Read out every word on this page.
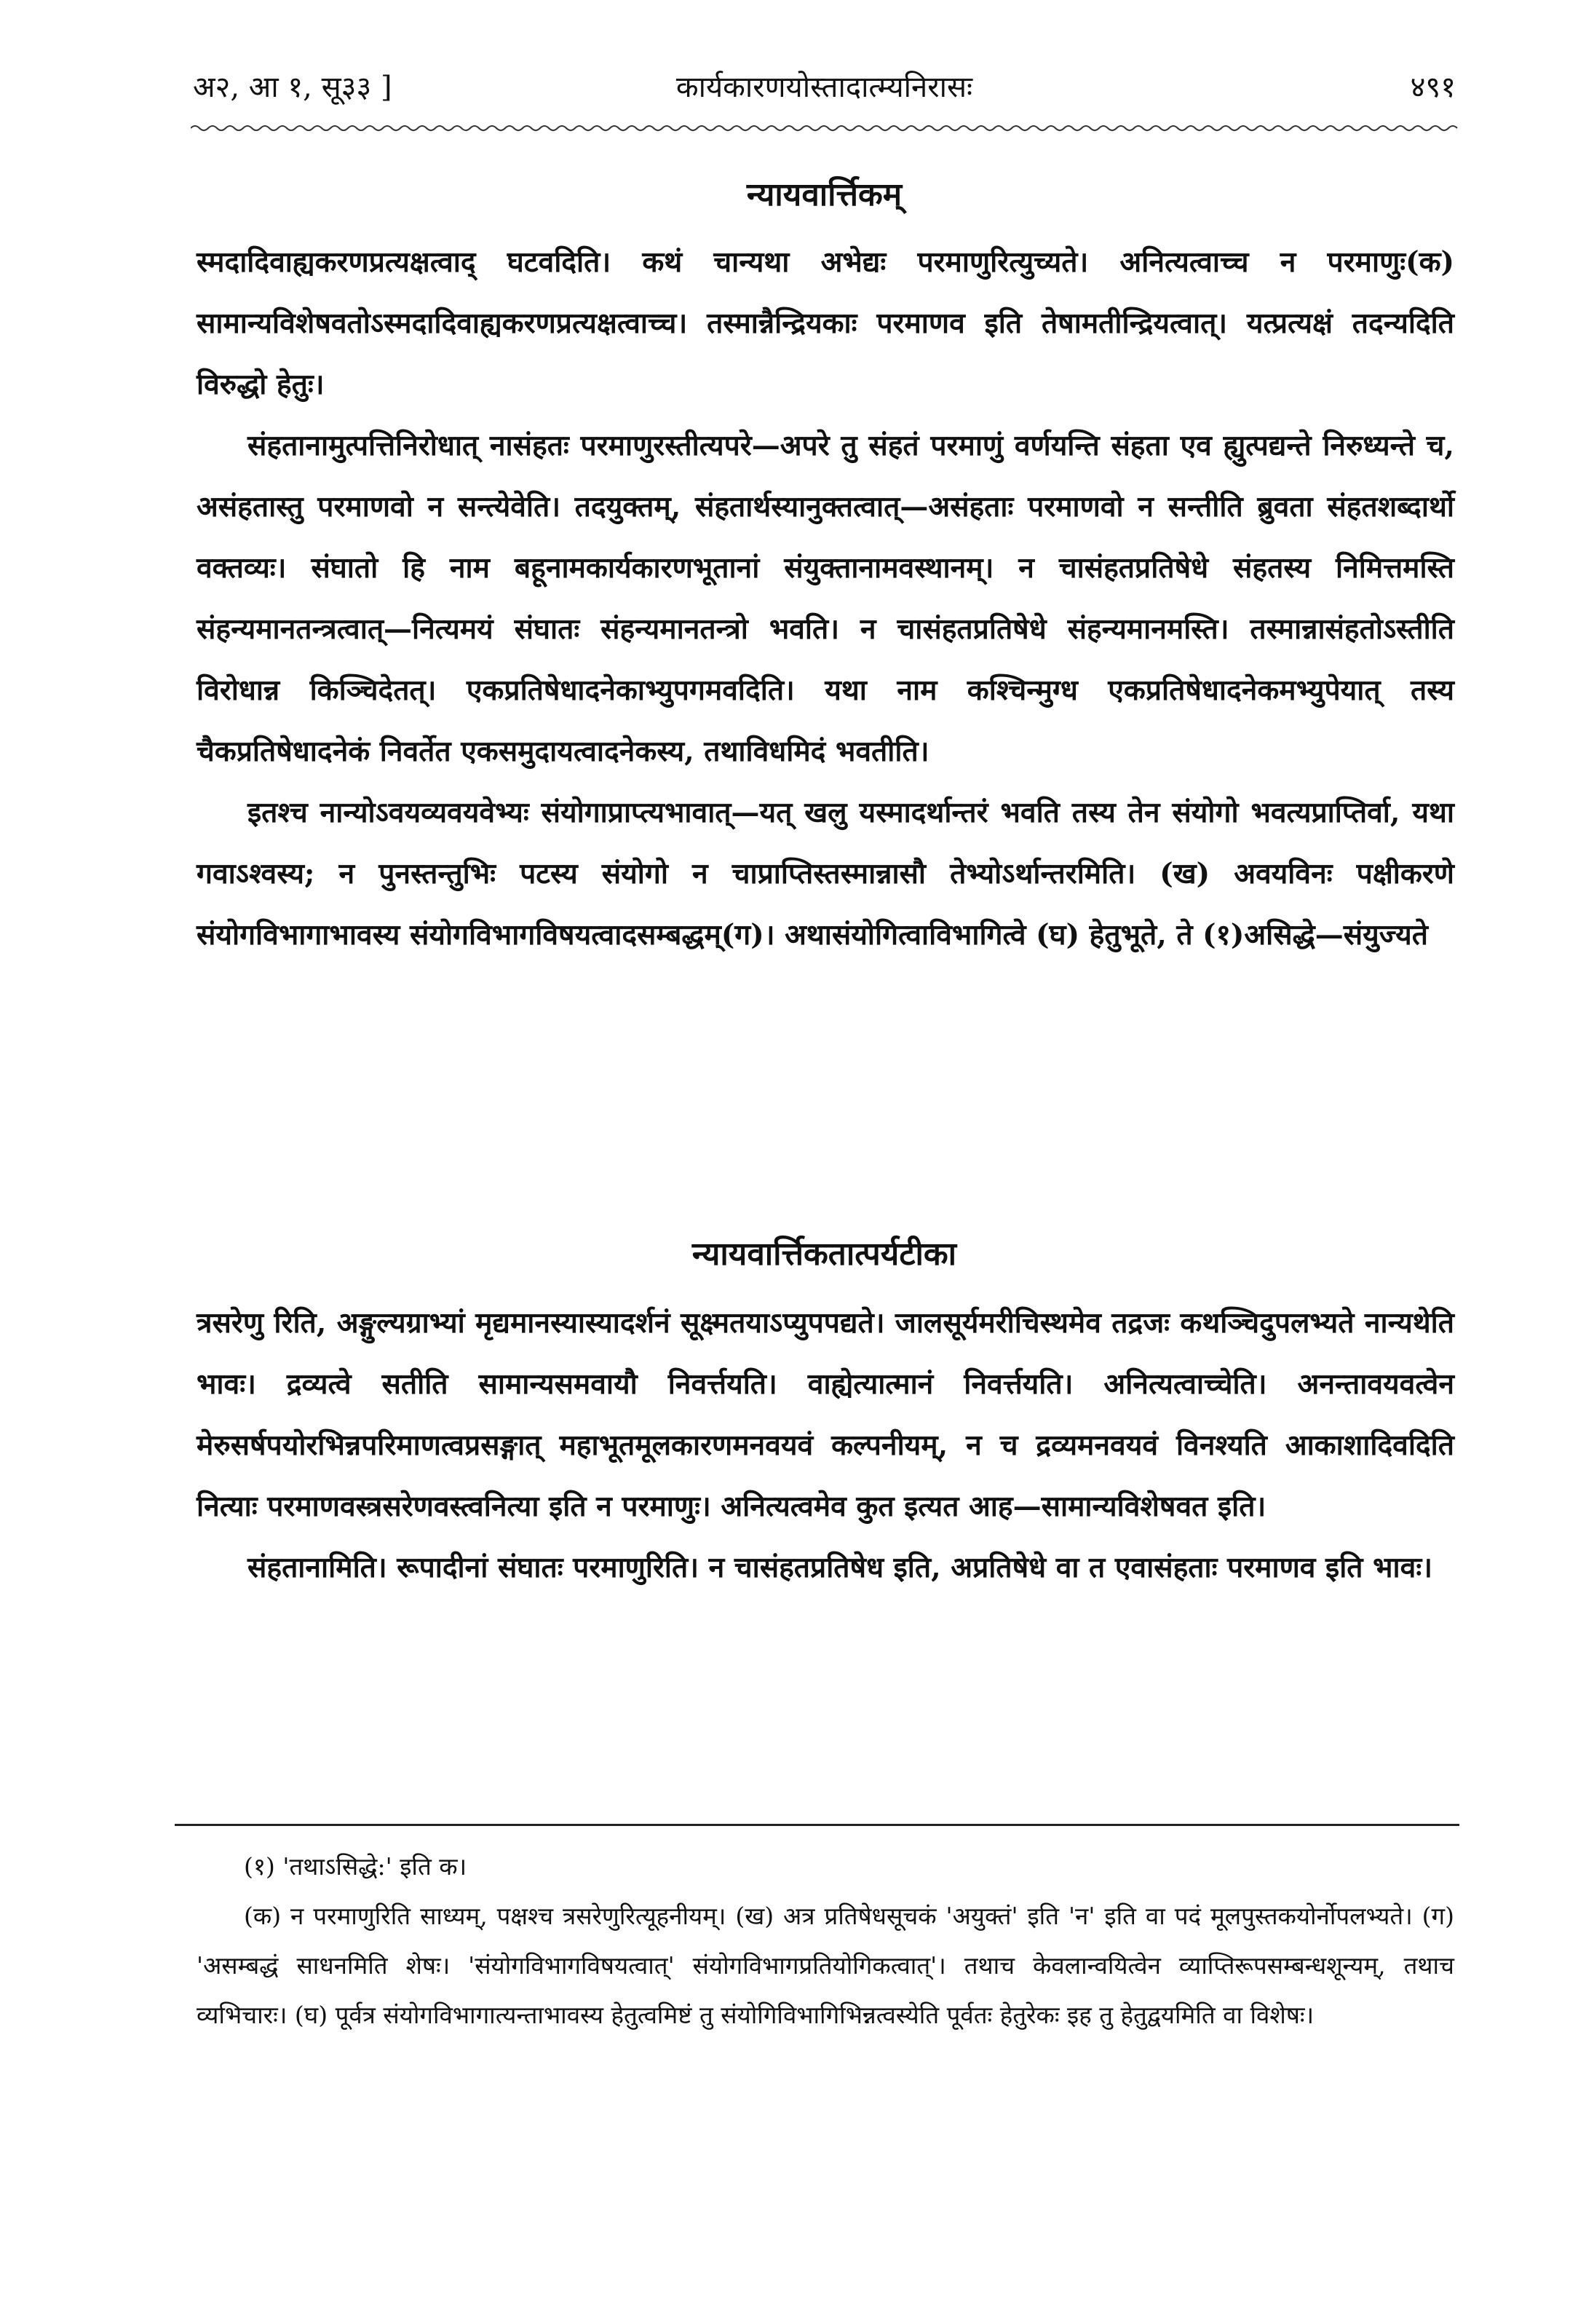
अ२, आ १, सू३३ ]	कार्यकारणयोस्तादात्म्यनिरासः	४९१
न्यायवार्त्तिकम्

स्मदादिवाह्यकरणप्रत्यक्षत्वाद् घटवदिति। कथं चान्यथा अभेद्यः परमाणुरित्युच्यते। अनित्यत्वाच्च न परमाणुः(क) सामान्यविशेषवतोऽस्मदादिवाह्यकरणप्रत्यक्षत्वाच्च। तस्मान्नैन्द्रियकाः परमाणव इति तेषामतीन्द्रियत्वात्। यत्प्रत्यक्षं तदन्यदिति विरुद्धो हेतुः।

संहतानामुत्पत्तिनिरोधात् नासंहतः परमाणुरस्तीत्यपरे—अपरे तु संहतं परमाणुं वर्णयन्ति संहता एव ह्युत्पद्यन्ते निरुध्यन्ते च, असंहतास्तु परमाणवो न सन्त्येवेति। तदयुक्तम्, संहतार्थस्यानुक्तत्वात्—असंहताः परमाणवो न सन्तीति ब्रुवता संहतशब्दार्थो वक्तव्यः। संघातो हि नाम बहूनामकार्यकारणभूतानां संयुक्तानामवस्थानम्। न चासंहतप्रतिषेधे संहतस्य निमित्तमस्ति संहन्यमानतन्त्रत्वात्—नित्यमयं संघातः संहन्यमानतन्त्रो भवति। न चासंहतप्रतिषेधे संहन्यमानमस्ति। तस्मान्नासंहतोऽस्तीति विरोधान्न किञ्चिदेतत्। एकप्रतिषेधादनेकाभ्युपगमवदिति। यथा नाम कश्चिन्मुग्ध एकप्रतिषेधादनेकमभ्युपेयात् तस्य चैकप्रतिषेधादनेकं निवर्तेत एकसमुदायत्वादनेकस्य, तथाविधमिदं भवतीति।

इतश्च नान्योऽवयव्यवयवेभ्यः संयोगाप्राप्त्यभावात्—यत् खलु यस्मादर्थान्तरं भवति तस्य तेन संयोगो भवत्यप्राप्तिर्वा, यथा गवाऽश्वस्य; न पुनस्तन्तुभिः पटस्य संयोगो न चाप्राप्तिस्तस्मान्नासौ तेभ्योऽर्थान्तरमिति। (ख) अवयविनः पक्षीकरणे संयोगविभागाभावस्य संयोगविभागविषयत्वादसम्बद्धम्(ग)। अथासंयोगित्वाविभागित्वे (घ) हेतुभूते, ते (१)असिद्धे—संयुज्यते

न्यायवार्त्तिकतात्पर्यटीका

त्रसरेणु रिति, अङ्गुल्यग्राभ्यां मृद्यमानस्यास्यादर्शनं सूक्ष्मतयाऽप्युपपद्यते। जालसूर्यमरीचिस्थमेव तद्रजः कथञ्चिदुपलभ्यते नान्यथेति भावः। द्रव्यत्वे सतीति सामान्यसमवायौ निवर्त्तयति। वाह्येत्यात्मानं निवर्त्तयति। अनित्यत्वाच्चेति। अनन्तावयवत्वेन मेरुसर्षपयोरभिन्नपरिमाणत्वप्रसङ्गात् महाभूतमूलकारणमनवयवं कल्पनीयम्, न च द्रव्यमनवयवं विनश्यति आकाशादिवदिति नित्याः परमाणवस्त्रसरेणवस्त्वनित्या इति न परमाणुः। अनित्यत्वमेव कुत इत्यत आह—सामान्यविशेषवत इति।

संहतानामिति। रूपादीनां संघातः परमाणुरिति। न चासंहतप्रतिषेध इति, अप्रतिषेधे वा त एवासंहताः परमाणव इति भावः।

(१) 'तथाऽसिद्धे:' इति क।

(क) न परमाणुरिति साध्यम्, पक्षश्च त्रसरेणुरित्यूहनीयम्। (ख) अत्र प्रतिषेधसूचकं 'अयुक्तं' इति 'न' इति वा पदं मूलपुस्तकयोर्नोपलभ्यते। (ग) 'असम्बद्धं साधनमिति शेषः। 'संयोगविभागविषयत्वात्' संयोगविभागप्रतियोगिकत्वात्'। तथाच केवलान्वयित्वेन व्याप्तिरूपसम्बन्धशून्यम्, तथाच व्यभिचारः। (घ) पूर्वत्र संयोगविभागात्यन्ताभावस्य हेतुत्वमिष्टं तु संयोगिविभागिभिन्नत्वस्येति पूर्वतः हेतुरेकः इह तु हेतुद्वयमिति वा विशेषः।
